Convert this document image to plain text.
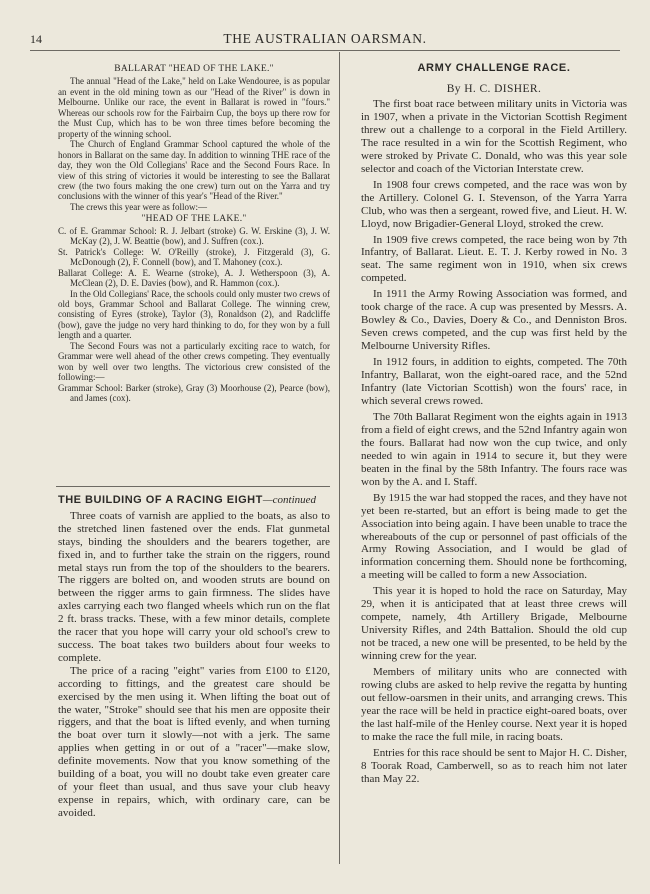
14	THE AUSTRALIAN OARSMAN.
BALLARAT "HEAD OF THE LAKE."

The annual "Head of the Lake," held on Lake Wendouree, is as popular an event in the old mining town as our "Head of the River" is down in Melbourne. Unlike our race, the event in Ballarat is rowed in "fours." Whereas our schools row for the Fairbairn Cup, the boys up there row for the Must Cup, which has to be won three times before becoming the property of the winning school.

The Church of England Grammar School captured the whole of the honors in Ballarat on the same day. In addition to winning THE race of the day, they won the Old Collegians' Race and the Second Fours Race. In view of this string of victories it would be interesting to see the Ballarat crew (the two fours making the one crew) turn out on the Yarra and try conclusions with the winner of this year's "Head of the River."

The crews this year were as follow:—

"HEAD OF THE LAKE."

C. of E. Grammar School: R. J. Jelbart (stroke) G. W. Erskine (3), J. W. McKay (2), J. W. Beattie (bow), and J. Suffren (cox.).

St. Patrick's College: W. O'Reilly (stroke), J. Fitzgerald (3), G. McDonough (2), F. Connell (bow), and T. Mahoney (cox.).

Ballarat College: A. E. Wearne (stroke), A. J. Wetherspoon (3), A. McClean (2), D. E. Davies (bow), and R. Hammon (cox.).

In the Old Collegians' Race, the schools could only muster two crews of old boys, Grammar School and Ballarat College. The winning crew, consisting of Eyres (stroke), Taylor (3), Ronaldson (2), and Radcliffe (bow), gave the judge no very hard thinking to do, for they won by a full length and a quarter.

The Second Fours was not a particularly exciting race to watch, for Grammar were well ahead of the other crews competing. They eventually won by well over two lengths. The victorious crew consisted of the following:—

Grammar School: Barker (stroke), Gray (3) Moorhouse (2), Pearce (bow), and James (cox).

THE BUILDING OF A RACING EIGHT—continued

Three coats of varnish are applied to the boats, as also to the stretched linen fastened over the ends. Flat gunmetal stays, binding the shoulders and the bearers together, are fixed in, and to further take the strain on the riggers, round metal stays run from the top of the shoulders to the bearers. The riggers are bolted on, and wooden struts are bound on between the rigger arms to gain firmness. The slides have axles carrying each two flanged wheels which run on the flat 2 ft. brass tracks. These, with a few minor details, complete the racer that you hope will carry your old school's crew to success. The boat takes two builders about four weeks to complete.

The price of a racing "eight" varies from £100 to £120, according to fittings, and the greatest care should be exercised by the men using it. When lifting the boat out of the water, "Stroke" should see that his men are opposite their riggers, and that the boat is lifted evenly, and when turning the boat over turn it slowly—not with a jerk. The same applies when getting in or out of a "racer"—make slow, definite movements. Now that you know something of the building of a boat, you will no doubt take even greater care of your fleet than usual, and thus save your club heavy expense in repairs, which, with ordinary care, can be avoided.

ARMY CHALLENGE RACE.
By H. C. DISHER.

The first boat race between military units in Victoria was in 1907, when a private in the Victorian Scottish Regiment threw out a challenge to a corporal in the Field Artillery. The race resulted in a win for the Scottish Regiment, who were stroked by Private C. Donald, who was this year sole selector and coach of the Victorian Interstate crew.

In 1908 four crews competed, and the race was won by the Artillery. Colonel G. I. Stevenson, of the Yarra Yarra Club, who was then a sergeant, rowed five, and Lieut. H. W. Lloyd, now Brigadier-General Lloyd, stroked the crew.

In 1909 five crews competed, the race being won by 7th Infantry, of Ballarat. Lieut. E. T. J. Kerby rowed in No. 3 seat. The same regiment won in 1910, when six crews competed.

In 1911 the Army Rowing Association was formed, and took charge of the race. A cup was presented by Messrs. A. Bowley & Co., Davies, Doery & Co., and Denniston Bros. Seven crews competed, and the cup was first held by the Melbourne University Rifles.

In 1912 fours, in addition to eights, competed. The 70th Infantry, Ballarat, won the eight-oared race, and the 52nd Infantry (late Victorian Scottish) won the fours' race, in which several crews rowed.

The 70th Ballarat Regiment won the eights again in 1913 from a field of eight crews, and the 52nd Infantry again won the fours. Ballarat had now won the cup twice, and only needed to win again in 1914 to secure it, but they were beaten in the final by the 58th Infantry. The fours race was won by the A. and I. Staff.

By 1915 the war had stopped the races, and they have not yet been re-started, but an effort is being made to get the Association into being again. I have been unable to trace the whereabouts of the cup or personnel of past officials of the Army Rowing Association, and I would be glad of information concerning them. Should none be forthcoming, a meeting will be called to form a new Association.

This year it is hoped to hold the race on Saturday, May 29, when it is anticipated that at least three crews will compete, namely, 4th Artillery Brigade, Melbourne University Rifles, and 24th Battalion. Should the old cup not be traced, a new one will be presented, to be held by the winning crew for the year.

Members of military units who are connected with rowing clubs are asked to help revive the regatta by hunting out fellow-oarsmen in their units, and arranging crews. This year the race will be held in practice eight-oared boats, over the last half-mile of the Henley course. Next year it is hoped to make the race the full mile, in racing boats.

Entries for this race should be sent to Major H. C. Disher, 8 Toorak Road, Camberwell, so as to reach him not later than May 22.
